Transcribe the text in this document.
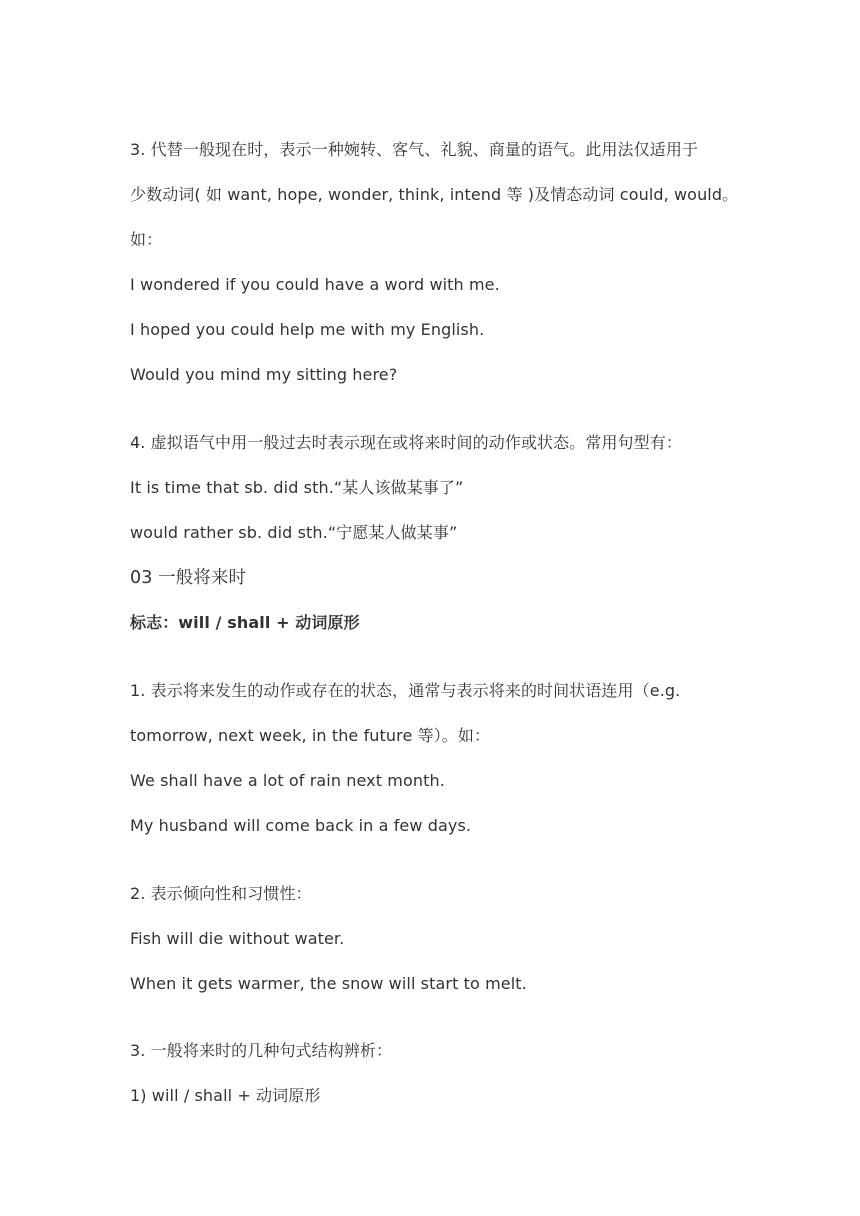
3. 代替一般现在时，表示一种婉转、客气、礼貌、商量的语气。此用法仅适用于
少数动词( 如 want, hope, wonder, think, intend 等 )及情态动词 could, would。
如：
I wondered if you could have a word with me.
I hoped you could help me with my English.
Would you mind my sitting here?
4. 虚拟语气中用一般过去时表示现在或将来时间的动作或状态。常用句型有：
It is time that sb. did sth.“某人该做某事了”
would rather sb. did sth.“宁愿某人做某事”
03 一般将来时
标志：will / shall + 动词原形
1. 表示将来发生的动作或存在的状态，通常与表示将来的时间状语连用（e.g.
tomorrow, next week, in the future 等）。如：
We shall have a lot of rain next month.
My husband will come back in a few days.
2. 表示倾向性和习惯性：
Fish will die without water.
When it gets warmer, the snow will start to melt.
3. 一般将来时的几种句式结构辨析：
1) will / shall + 动词原形
